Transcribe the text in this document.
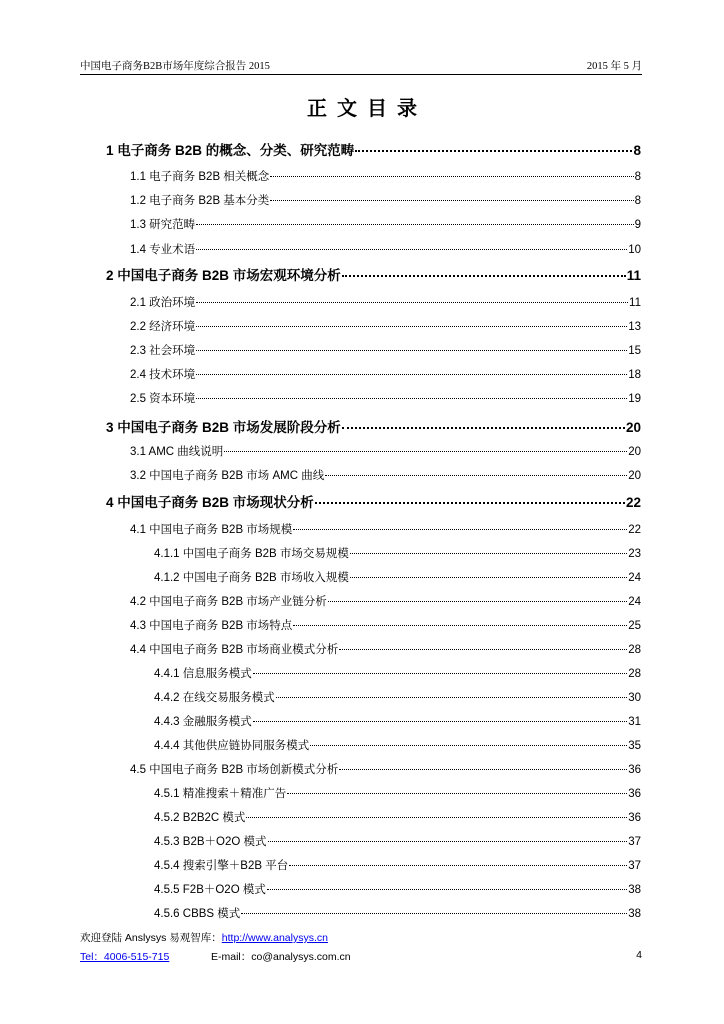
中国电子商务B2B市场年度综合报告 2015	2015 年 5 月
正文目录
1 电子商务 B2B 的概念、分类、研究范畴	8
1.1 电子商务 B2B 相关概念	8
1.2 电子商务 B2B 基本分类	8
1.3 研究范畴	9
1.4 专业术语	10
2 中国电子商务 B2B 市场宏观环境分析	11
2.1 政治环境	11
2.2 经济环境	13
2.3 社会环境	15
2.4 技术环境	18
2.5 资本环境	19
3 中国电子商务 B2B 市场发展阶段分析	20
3.1 AMC 曲线说明	20
3.2 中国电子商务 B2B 市场 AMC 曲线	20
4 中国电子商务 B2B 市场现状分析	22
4.1 中国电子商务 B2B 市场规模	22
4.1.1 中国电子商务 B2B 市场交易规模	23
4.1.2 中国电子商务 B2B 市场收入规模	24
4.2 中国电子商务 B2B 市场产业链分析	24
4.3 中国电子商务 B2B 市场特点	25
4.4 中国电子商务 B2B 市场商业模式分析	28
4.4.1 信息服务模式	28
4.4.2 在线交易服务模式	30
4.4.3 金融服务模式	31
4.4.4 其他供应链协同服务模式	35
4.5 中国电子商务 B2B 市场创新模式分析	36
4.5.1 精准搜索＋精准广告	36
4.5.2 B2B2C 模式	36
4.5.3 B2B＋O2O 模式	37
4.5.4 搜索引擎＋B2B 平台	37
4.5.5 F2B＋O2O 模式	38
4.5.6 CBBS 模式	38
欢迎登陆 Anslysys 易观智库：http://www.analysys.cn
Tel：4006-515-715	E-mail：co@analysys.com.cn	4
